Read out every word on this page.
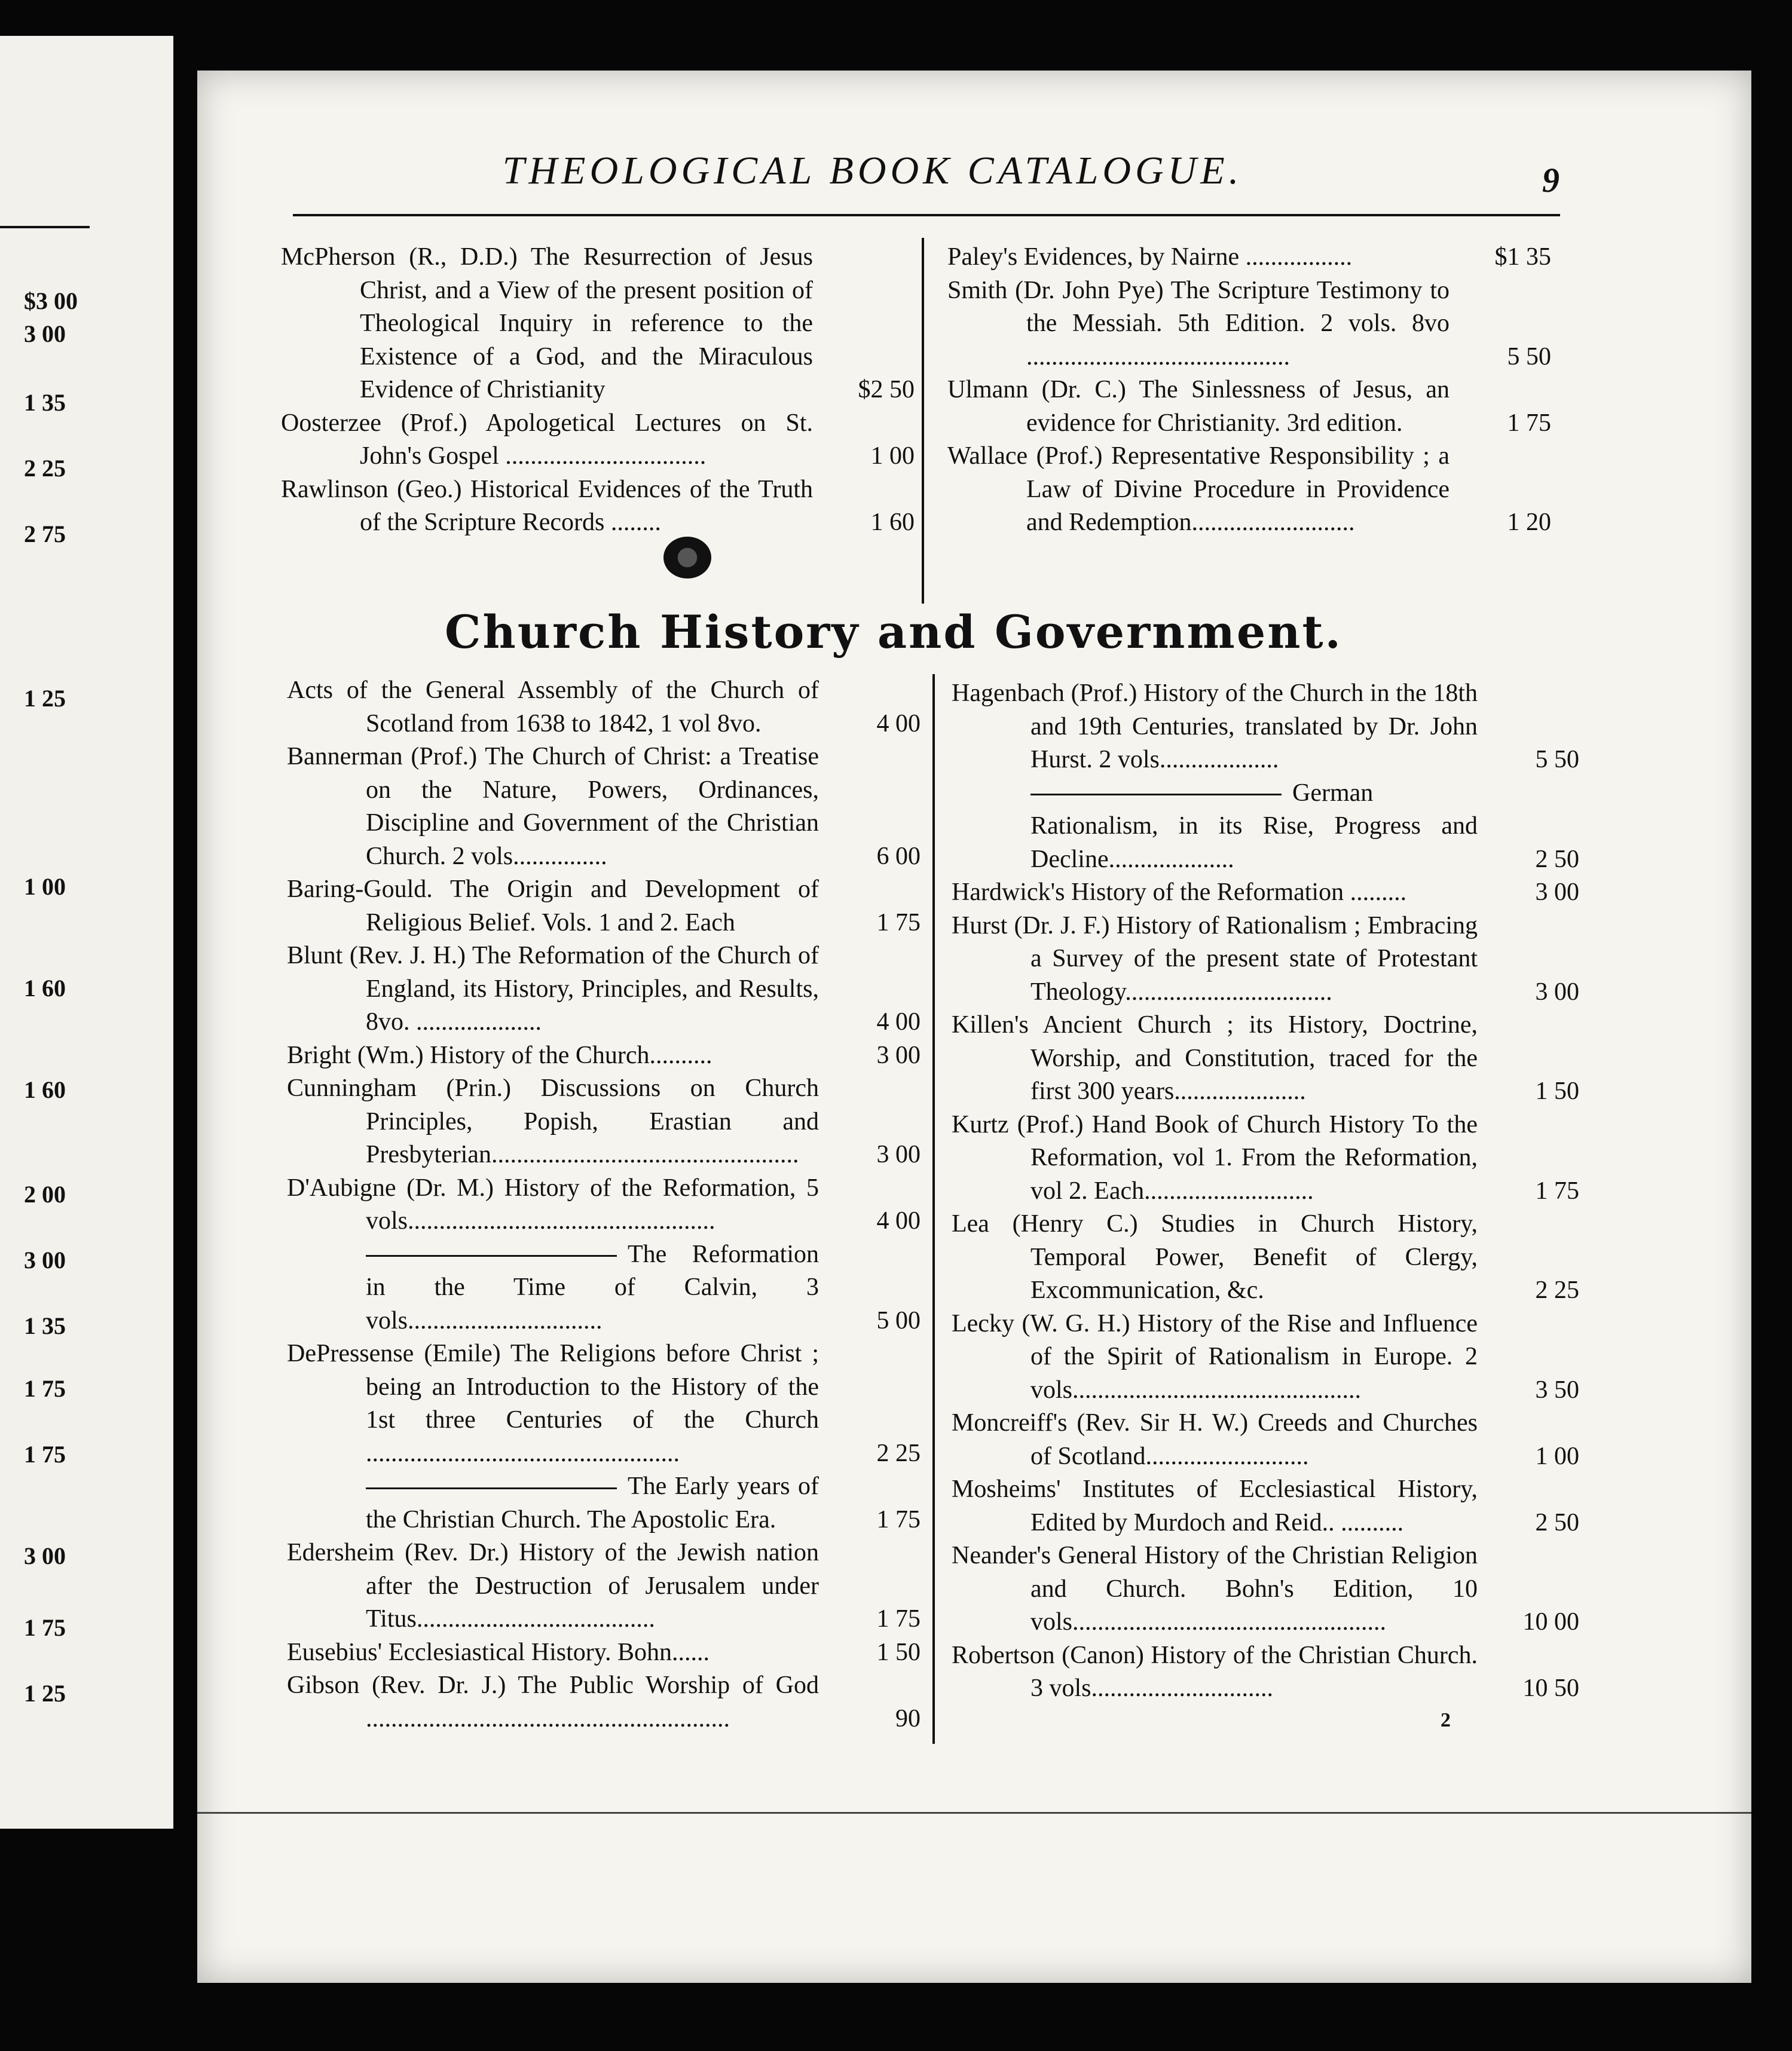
$3 00
3 00
1 35
2 25
2 75
1 25
1 00
1 60
1 60
2 00
3 00
1 35
1 75
1 75
3 00
1 75
1 25
THEOLOGICAL BOOK CATALOGUE.	9
McPherson (R., D.D.) The Resurrection of Jesus Christ, and a View of the present position of Theological Inquiry in reference to the Existence of a God, and the Miraculous Evidence of Christianity	$2 50
Oosterzee (Prof.) Apologetical Lectures on St. John's Gospel ................................	1 00
Rawlinson (Geo.) Historical Evidences of the Truth of the Scripture Records ........	1 60
Paley's Evidences, by Nairne .................	$1 35
Smith (Dr. John Pye) The Scripture Testimony to the Messiah. 5th Edition. 2 vols. 8vo ..........................................	5 50
Ulmann (Dr. C.) The Sinlessness of Jesus, an evidence for Christianity. 3rd edition.	1 75
Wallace (Prof.) Representative Responsibility ; a Law of Divine Procedure in Providence and Redemption..........................	1 20
Church History and Government.
Acts of the General Assembly of the Church of Scotland from 1638 to 1842, 1 vol 8vo.	4 00
Bannerman (Prof.) The Church of Christ: a Treatise on the Nature, Powers, Ordinances, Discipline and Government of the Christian Church. 2 vols...............	6 00
Baring-Gould. The Origin and Development of Religious Belief. Vols. 1 and 2. Each	1 75
Blunt (Rev. J. H.) The Reformation of the Church of England, its History, Principles, and Results, 8vo. ....................	4 00
Bright (Wm.) History of the Church..........	3 00
Cunningham (Prin.) Discussions on Church Principles, Popish, Erastian and Presbyterian.................................................	3 00
D'Aubigne (Dr. M.) History of the Reformation, 5 vols.................................................	4 00
The Reformation in the Time of Calvin, 3 vols...............................	5 00
DePressense (Emile) The Religions before Christ ; being an Introduction to the History of the 1st three Centuries of the Church ..................................................	2 25
The Early years of the Christian Church. The Apostolic Era.	1 75
Edersheim (Rev. Dr.) History of the Jewish nation after the Destruction of Jerusalem under Titus......................................	1 75
Eusebius' Ecclesiastical History. Bohn......	1 50
Gibson (Rev. Dr. J.) The Public Worship of God ..........................................................	90
Hagenbach (Prof.) History of the Church in the 18th and 19th Centuries, translated by Dr. John Hurst. 2 vols...................	5 50
German Rationalism, in its Rise, Progress and Decline....................	2 50
Hardwick's History of the Reformation .........	3 00
Hurst (Dr. J. F.) History of Rationalism ; Embracing a Survey of the present state of Protestant Theology.................................	3 00
Killen's Ancient Church ; its History, Doctrine, Worship, and Constitution, traced for the first 300 years.....................	1 50
Kurtz (Prof.) Hand Book of Church History To the Reformation, vol 1. From the Reformation, vol 2. Each...........................	1 75
Lea (Henry C.) Studies in Church History, Temporal Power, Benefit of Clergy, Excommunication, &c.	2 25
Lecky (W. G. H.) History of the Rise and Influence of the Spirit of Rationalism in Europe. 2 vols..............................................	3 50
Moncreiff's (Rev. Sir H. W.) Creeds and Churches of Scotland..........................	1 00
Mosheims' Institutes of Ecclesiastical History, Edited by Murdoch and Reid.. ..........	2 50
Neander's General History of the Christian Religion and Church. Bohn's Edition, 10 vols..................................................	10 00
Robertson (Canon) History of the Christian Church. 3 vols.............................	10 50
2
